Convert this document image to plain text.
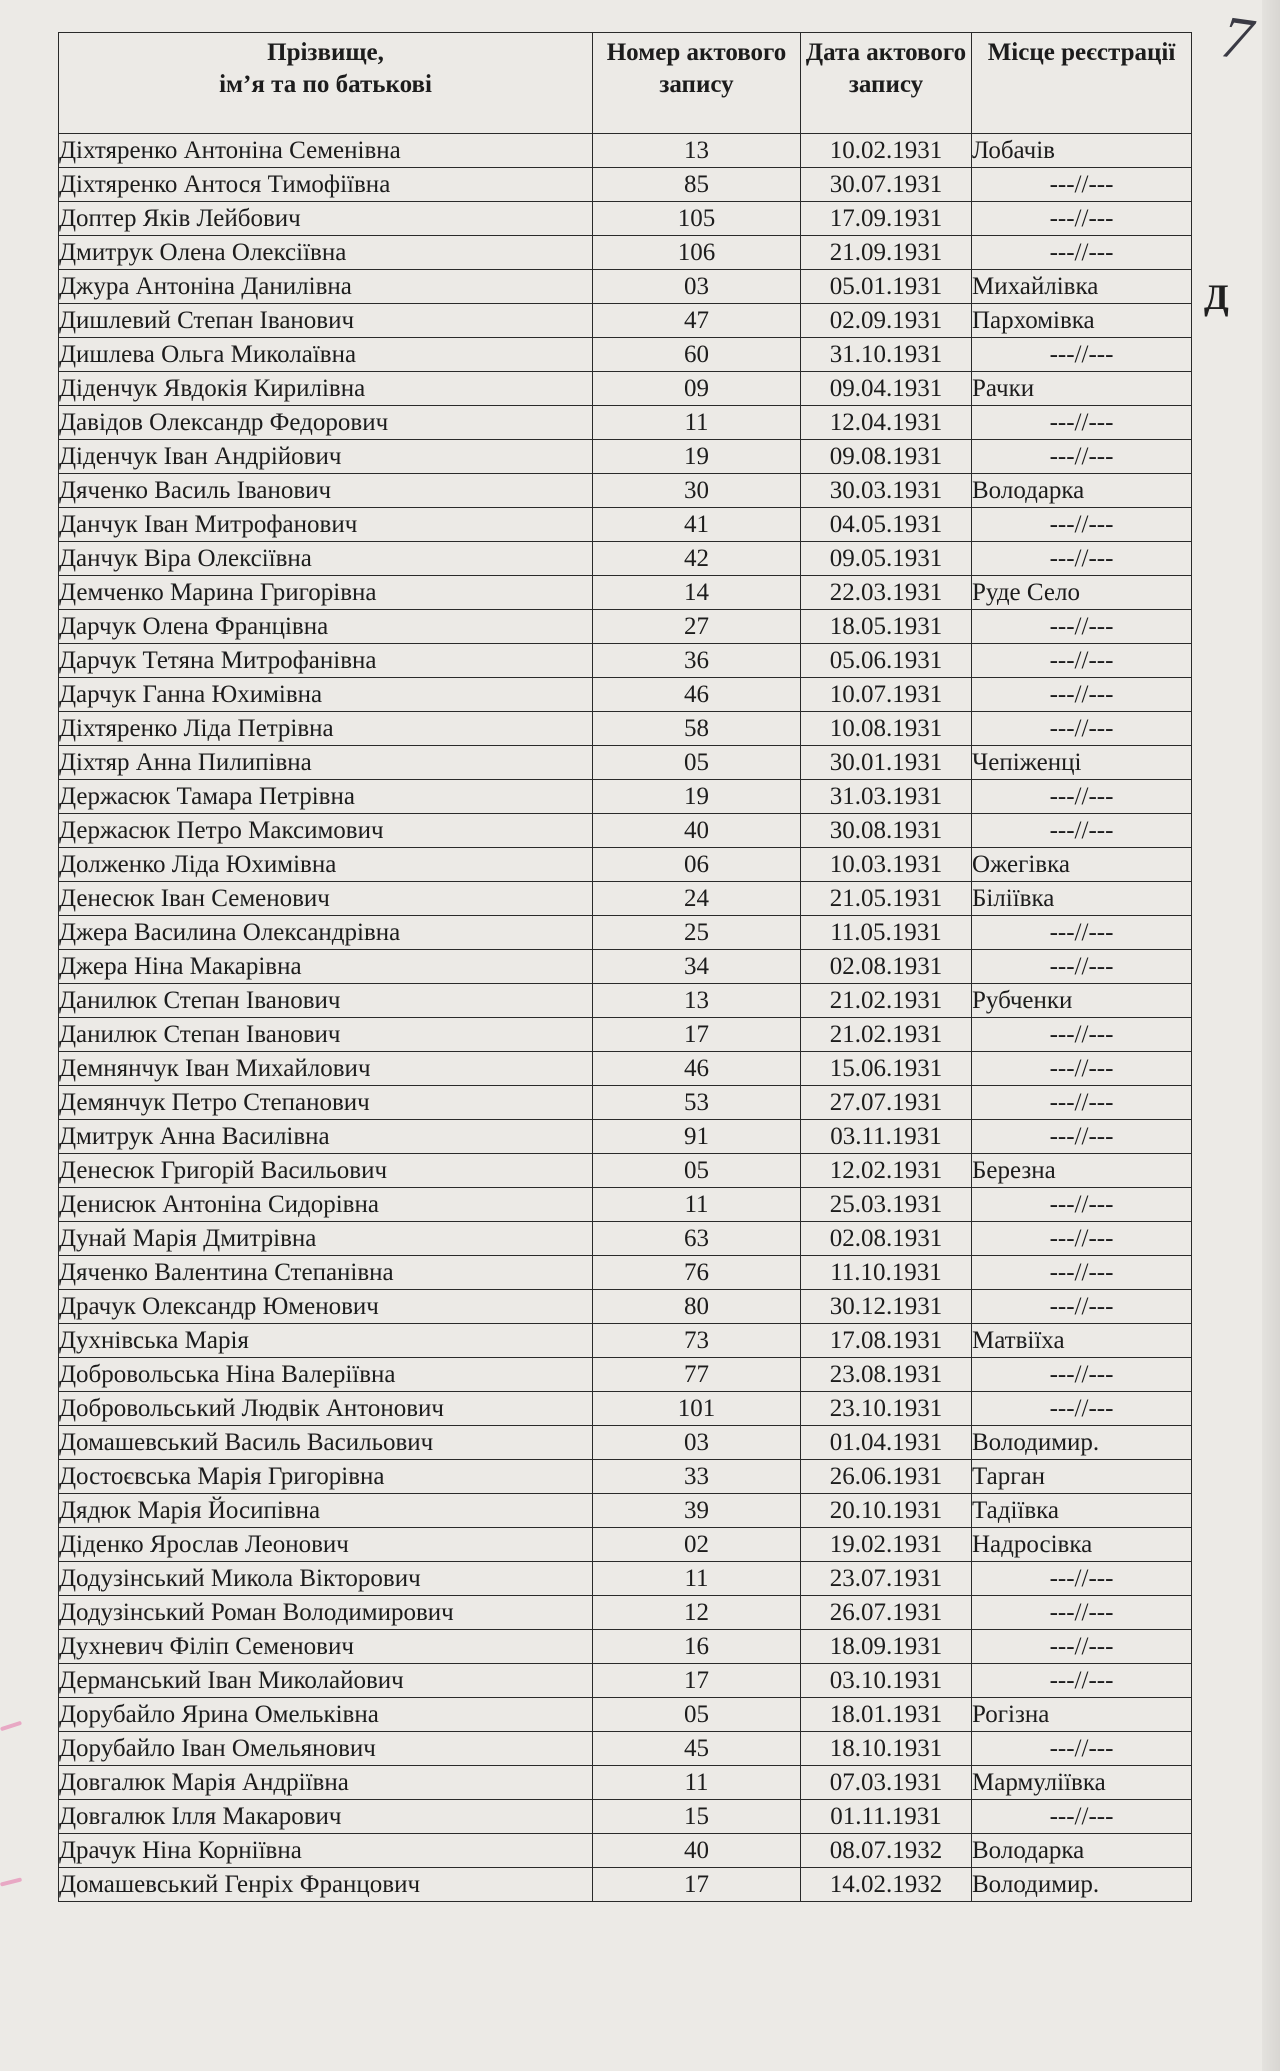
7
Д
Прізвище,
ім’я та по батькові	Номер актового запису	Дата актового запису	Місце реєстрації
Діхтяренко Антоніна Семенівна	13	10.02.1931	Лобачів
Діхтяренко Антося Тимофіївна	85	30.07.1931	---//---
Доптер Яків Лейбович	105	17.09.1931	---//---
Дмитрук Олена Олексіївна	106	21.09.1931	---//---
Джура Антоніна Данилівна	03	05.01.1931	Михайлівка
Дишлевий Степан Іванович	47	02.09.1931	Пархомівка
Дишлева Ольга Миколаївна	60	31.10.1931	---//---
Діденчук Явдокія Кирилівна	09	09.04.1931	Рачки
Давідов Олександр Федорович	11	12.04.1931	---//---
Діденчук Іван Андрійович	19	09.08.1931	---//---
Дяченко Василь Іванович	30	30.03.1931	Володарка
Данчук Іван Митрофанович	41	04.05.1931	---//---
Данчук Віра Олексіївна	42	09.05.1931	---//---
Демченко Марина Григорівна	14	22.03.1931	Руде Село
Дарчук Олена Францівна	27	18.05.1931	---//---
Дарчук Тетяна Митрофанівна	36	05.06.1931	---//---
Дарчук Ганна Юхимівна	46	10.07.1931	---//---
Діхтяренко Ліда Петрівна	58	10.08.1931	---//---
Діхтяр Анна Пилипівна	05	30.01.1931	Чепіженці
Держасюк Тамара Петрівна	19	31.03.1931	---//---
Держасюк Петро Максимович	40	30.08.1931	---//---
Долженко Ліда Юхимівна	06	10.03.1931	Ожегівка
Денесюк Іван Семенович	24	21.05.1931	Біліївка
Джера Василина Олександрівна	25	11.05.1931	---//---
Джера Ніна Макарівна	34	02.08.1931	---//---
Данилюк Степан Іванович	13	21.02.1931	Рубченки
Данилюк Степан Іванович	17	21.02.1931	---//---
Демнянчук Іван Михайлович	46	15.06.1931	---//---
Демянчук Петро Степанович	53	27.07.1931	---//---
Дмитрук Анна Василівна	91	03.11.1931	---//---
Денесюк Григорій Васильович	05	12.02.1931	Березна
Денисюк Антоніна Сидорівна	11	25.03.1931	---//---
Дунай Марія Дмитрівна	63	02.08.1931	---//---
Дяченко Валентина Степанівна	76	11.10.1931	---//---
Драчук Олександр Юменович	80	30.12.1931	---//---
Духнівська Марія	73	17.08.1931	Матвіїха
Добровольська Ніна Валеріївна	77	23.08.1931	---//---
Добровольський Людвік Антонович	101	23.10.1931	---//---
Домашевський Василь Васильович	03	01.04.1931	Володимир.
Достоєвська Марія Григорівна	33	26.06.1931	Тарган
Дядюк Марія Йосипівна	39	20.10.1931	Тадіївка
Діденко Ярослав Леонович	02	19.02.1931	Надросівка
Додузінський Микола Вікторович	11	23.07.1931	---//---
Додузінський Роман Володимирович	12	26.07.1931	---//---
Духневич Філіп Семенович	16	18.09.1931	---//---
Дерманський Іван Миколайович	17	03.10.1931	---//---
Дорубайло Ярина Омельківна	05	18.01.1931	Рогізна
Дорубайло Іван Омельянович	45	18.10.1931	---//---
Довгалюк Марія Андріївна	11	07.03.1931	Мармуліївка
Довгалюк Ілля Макарович	15	01.11.1931	---//---
Драчук Ніна Корніївна	40	08.07.1932	Володарка
Домашевський Генріх Францович	17	14.02.1932	Володимир.
